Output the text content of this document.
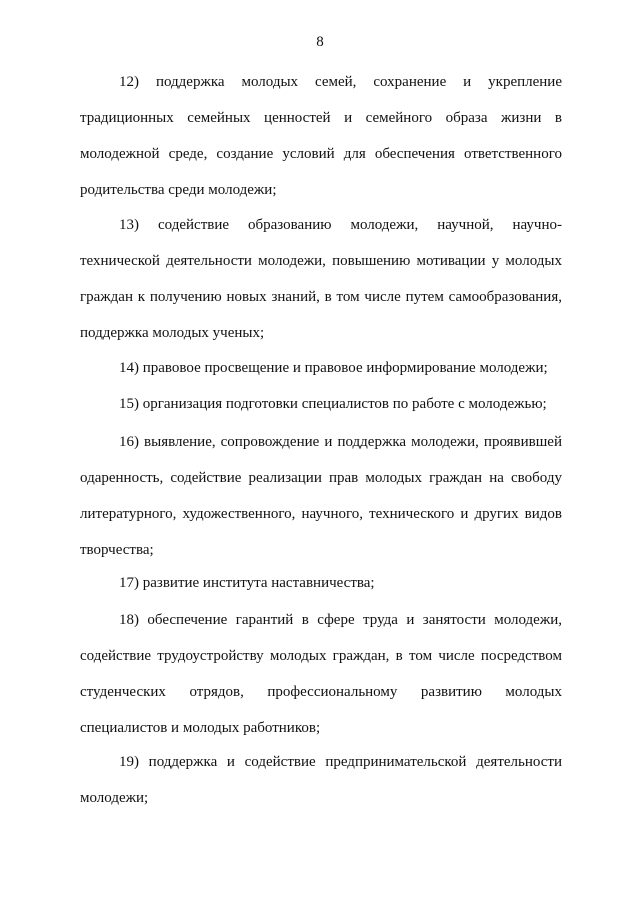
8

12) поддержка молодых семей, сохранение и укрепление традиционных семейных ценностей и семейного образа жизни в молодежной среде, создание условий для обеспечения ответственного родительства среди молодежи;

13) содействие образованию молодежи, научной, научно-технической деятельности молодежи, повышению мотивации у молодых граждан к получению новых знаний, в том числе путем самообразования, поддержка молодых ученых;

14) правовое просвещение и правовое информирование молодежи;

15) организация подготовки специалистов по работе с молодежью;

16) выявление, сопровождение и поддержка молодежи, проявившей одаренность, содействие реализации прав молодых граждан на свободу литературного, художественного, научного, технического и других видов творчества;

17) развитие института наставничества;

18) обеспечение гарантий в сфере труда и занятости молодежи, содействие трудоустройству молодых граждан, в том числе посредством студенческих отрядов, профессиональному развитию молодых специалистов и молодых работников;

19) поддержка и содействие предпринимательской деятельности молодежи;
